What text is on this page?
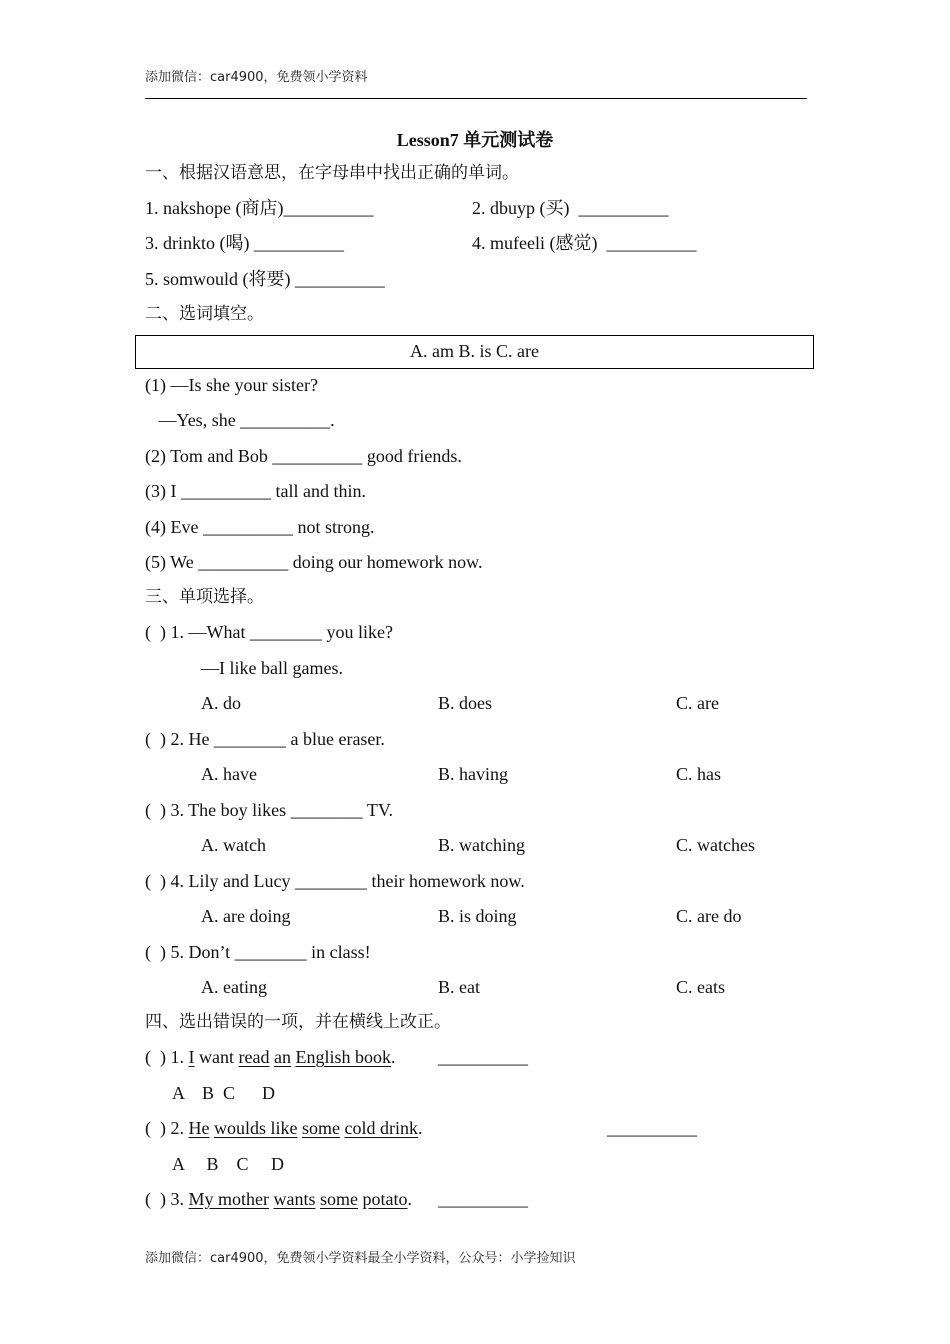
添加微信：car4900，免费领小学资料
Lesson7 单元测试卷
一、根据汉语意思，在字母串中找出正确的单词。
1. nakshope (商店)__________	2. dbuyp (买)  __________
3. drinkto (喝) __________	4. mufeeli (感觉)  __________
5. somwould (将要) __________
二、选词填空。
A. am B. is C. are
(1) —Is she your sister?
—Yes, she __________.
(2) Tom and Bob __________ good friends.
(3) I __________ tall and thin.
(4) Eve __________ not strong.
(5) We __________ doing our homework now.
三、单项选择。
(  ) 1. —What ________ you like?
—I like ball games.
A. do	B. does	C. are
(  ) 2. He ________ a blue eraser.
A. have	B. having	C. has
(  ) 3. The boy likes ________ TV.
A. watch	B. watching	C. watches
(  ) 4. Lily and Lucy ________ their homework now.
A. are doing	B. is doing	C. are do
(  ) 5. Don’t ________ in class!
A. eating	B. eat	C. eats
四、选出错误的一项，并在横线上改正。
(  ) 1. I want read an English book. __________
A    B  C      D
(  ) 2. He woulds like some cold drink.	__________
A     B    C     D
(  ) 3. My mother wants some potato. __________
添加微信：car4900，免费领小学资料最全小学资料，公众号：小学捡知识
